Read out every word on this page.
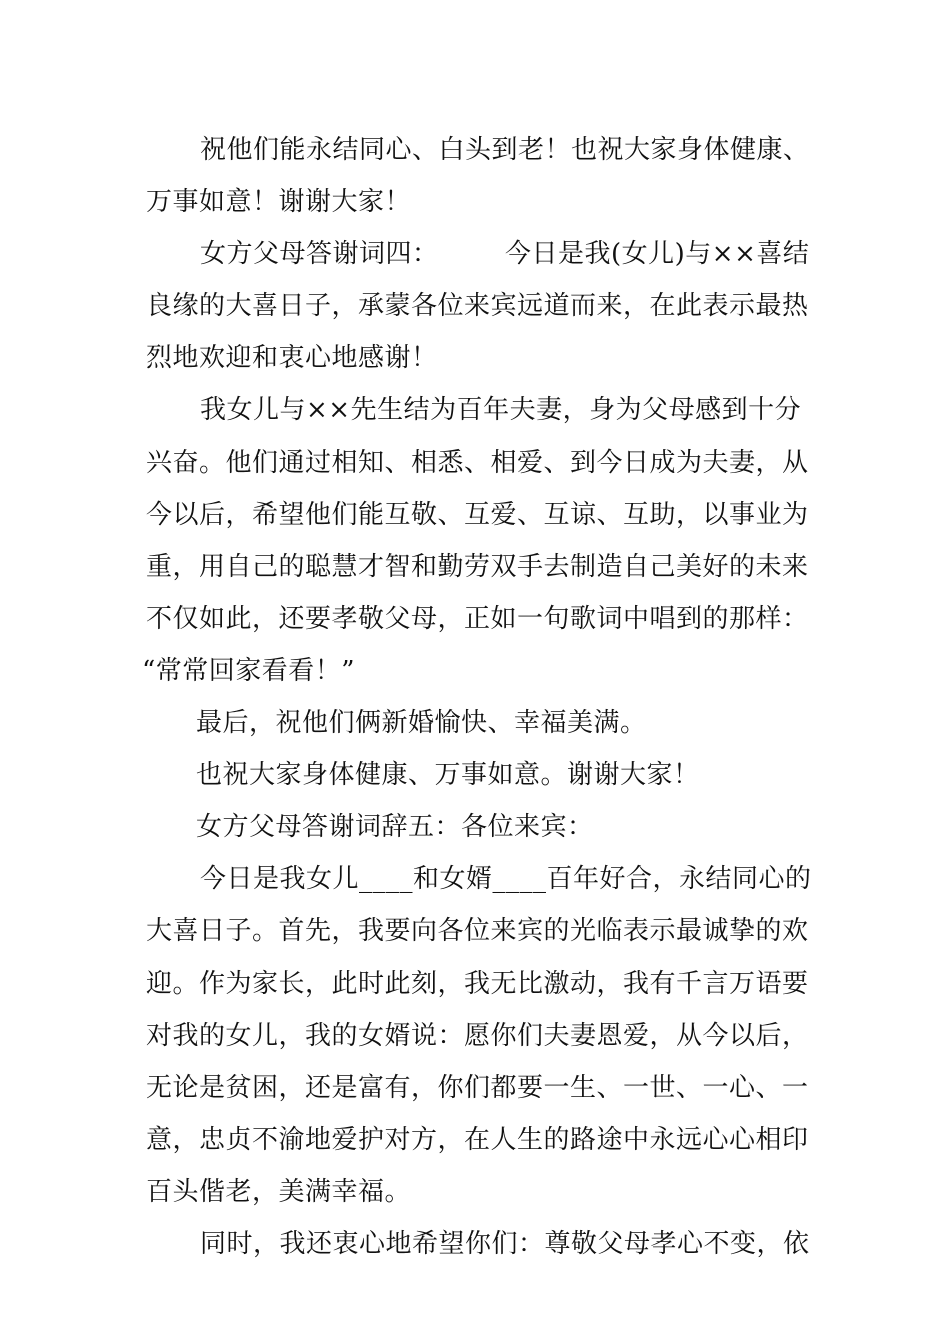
祝他们能永结同心、白头到老！也祝大家身体健康、
万事如意！谢谢大家！
女方父母答谢词四：　　　今日是我(女儿)与××喜结
良缘的大喜日子，承蒙各位来宾远道而来，在此表示最热
烈地欢迎和衷心地感谢！
我女儿与××先生结为百年夫妻，身为父母感到十分
兴奋。他们通过相知、相悉、相爱、到今日成为夫妻，从
今以后，希望他们能互敬、互爱、互谅、互助，以事业为
重，用自己的聪慧才智和勤劳双手去制造自己美好的未来
不仅如此，还要孝敬父母，正如一句歌词中唱到的那样：
“常常回家看看！”
最后，祝他们俩新婚愉快、幸福美满。
也祝大家身体健康、万事如意。谢谢大家！
女方父母答谢词辞五：各位来宾：
今日是我女儿____和女婿____百年好合，永结同心的
大喜日子。首先，我要向各位来宾的光临表示最诚挚的欢
迎。作为家长，此时此刻，我无比激动，我有千言万语要
对我的女儿，我的女婿说：愿你们夫妻恩爱，从今以后，
无论是贫困，还是富有，你们都要一生、一世、一心、一
意，忠贞不渝地爱护对方，在人生的路途中永远心心相印
百头偕老，美满幸福。
同时，我还衷心地希望你们：尊敬父母孝心不变，依
